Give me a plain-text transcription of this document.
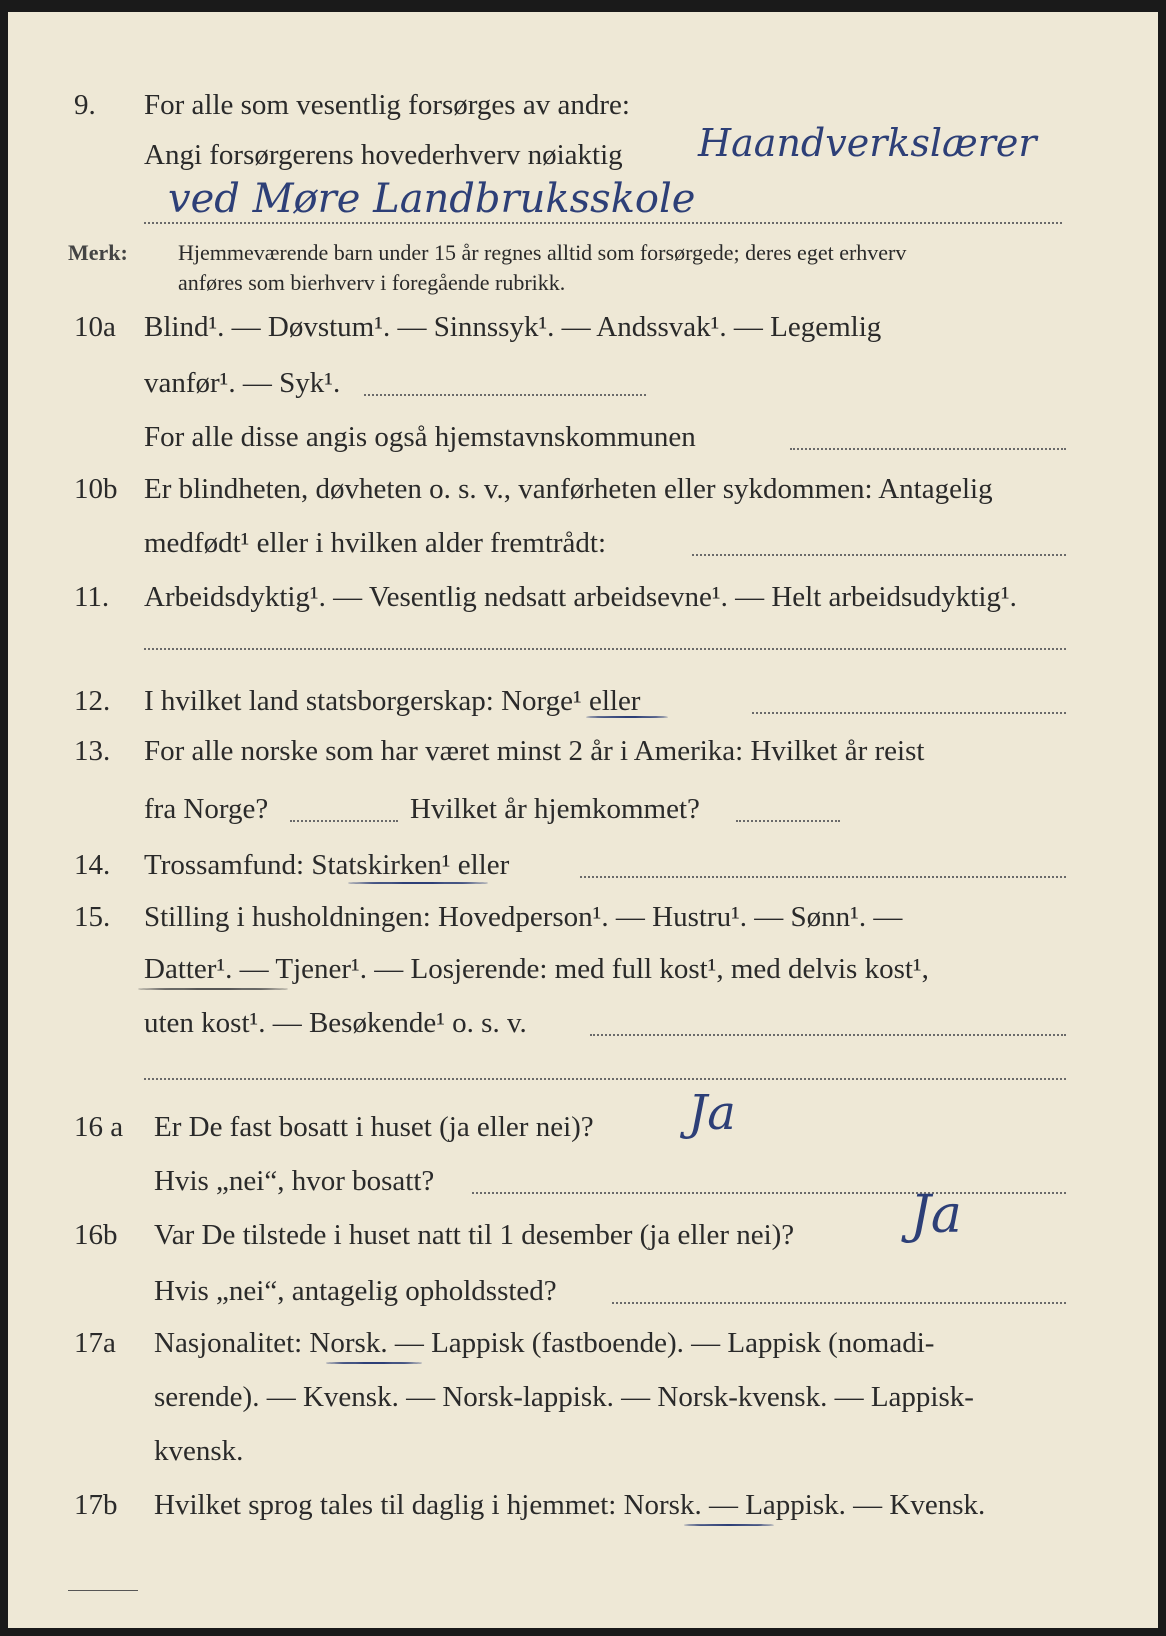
9. For alle som vesentlig forsørges av andre:
Angi forsørgerens hovederhverv nøiaktig Haandverkslærer
ved Møre Landbruksskole
Merk: Hjemmeværende barn under 15 år regnes alltid som forsørgede; deres eget erhverv
anføres som bierhverv i foregående rubrikk.
10a Blind¹. — Døvstum¹. — Sinnssyk¹. — Andssvak¹. — Legemlig
vanfør¹. — Syk¹.
For alle disse angis også hjemstavnskommunen
10b Er blindheten, døvheten o. s. v., vanførheten eller sykdommen: Antagelig
medfødt¹ eller i hvilken alder fremtrådt:
11. Arbeidsdyktig¹. — Vesentlig nedsatt arbeidsevne¹. — Helt arbeidsudyktig¹.
12. I hvilket land statsborgerskap: Norge¹ eller
13. For alle norske som har været minst 2 år i Amerika: Hvilket år reist
fra Norge?	Hvilket år hjemkommet?
14. Trossamfund: Statskirken¹ eller
15. Stilling i husholdningen: Hovedperson¹. — Hustru¹. — Sønn¹. —
Datter¹. — Tjener¹. — Losjerende: med full kost¹, med delvis kost¹,
uten kost¹. — Besøkende¹ o. s. v.
16 a Er De fast bosatt i huset (ja eller nei)? Ja
Hvis „nei“, hvor bosatt?
16b Var De tilstede i huset natt til 1 desember (ja eller nei)? Ja
Hvis „nei“, antagelig opholdssted?
17a Nasjonalitet: Norsk. — Lappisk (fastboende). — Lappisk (nomadi-
serende). — Kvensk. — Norsk-lappisk. — Norsk-kvensk. — Lappisk-
kvensk.
17b Hvilket sprog tales til daglig i hjemmet: Norsk. — Lappisk. — Kvensk.
